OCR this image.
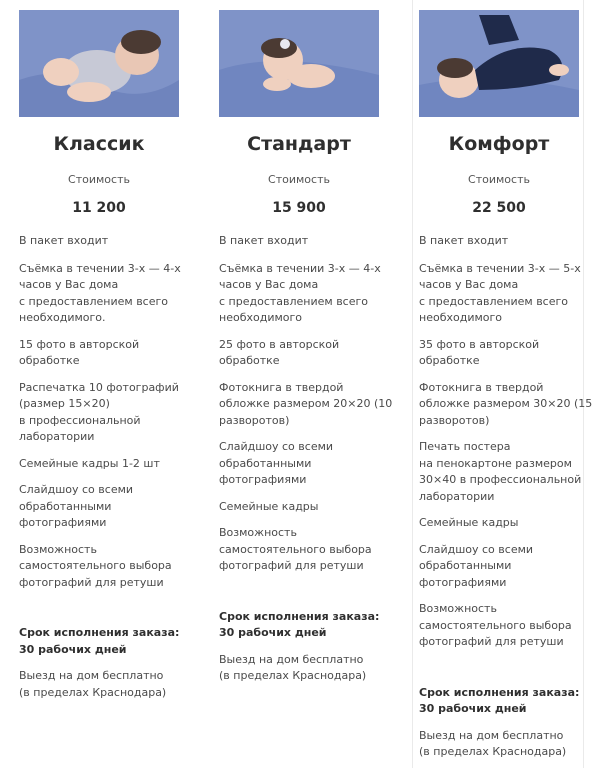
Классик
Стоимость
11 200

В пакет входит

Съёмка в течении 3-х — 4-х
часов у Вас дома
с предоставлением всего
необходимого.

15 фото в авторской
обработке

Распечатка 10 фотографий
(размер 15×20)
в профессиональной
лаборатории

Семейные кадры 1-2 шт

Слайдшоу со всеми
обработанными
фотографиями

Возможность
самостоятельного выбора
фотографий для ретуши

Срок исполнения заказа:
30 рабочих дней

Выезд на дом бесплатно
(в пределах Краснодара)

Стандарт
Стоимость
15 900

В пакет входит

Съёмка в течении 3-х — 4-х
часов у Вас дома
с предоставлением всего
необходимого

25 фото в авторской
обработке

Фотокнига в твердой
обложке размером 20×20 (10
разворотов)

Слайдшоу со всеми
обработанными
фотографиями

Семейные кадры

Возможность
самостоятельного выбора
фотографий для ретуши

Срок исполнения заказа:
30 рабочих дней

Выезд на дом бесплатно
(в пределах Краснодара)

Комфорт
Стоимость
22 500

В пакет входит

Съёмка в течении 3-х — 5-х
часов у Вас дома
с предоставлением всего
необходимого

35 фото в авторской
обработке

Фотокнига в твердой
обложке размером 30×20 (15
разворотов)

Печать постера
на пенокартоне размером
30×40 в профессиональной
лаборатории

Семейные кадры

Слайдшоу со всеми
обработанными
фотографиями

Возможность
самостоятельного выбора
фотографий для ретуши

Срок исполнения заказа:
30 рабочих дней

Выезд на дом бесплатно
(в пределах Краснодара)
